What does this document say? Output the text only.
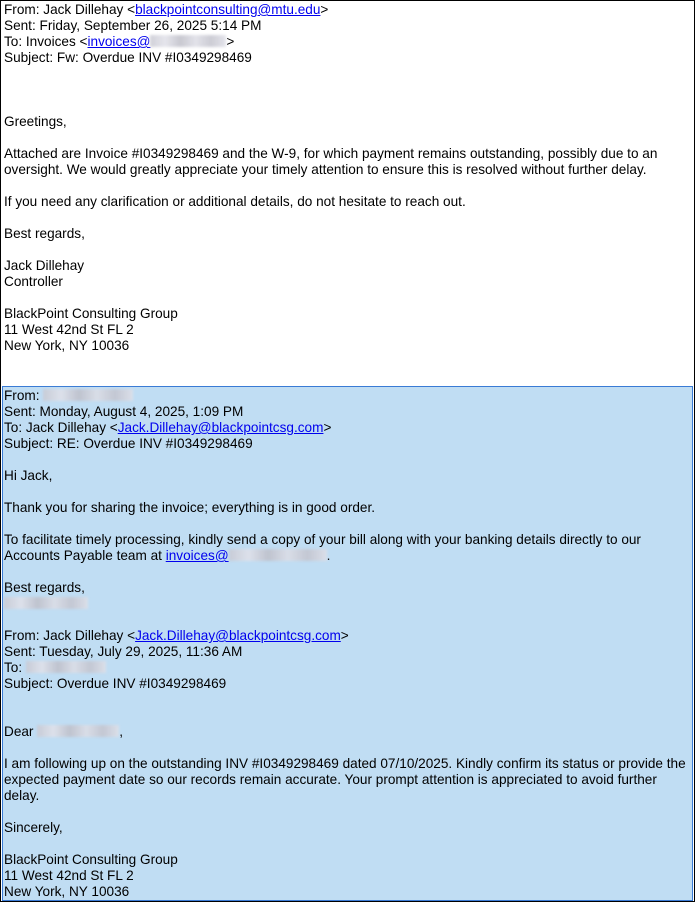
From: Jack Dillehay <blackpointconsulting@mtu.edu>
Sent: Friday, September 26, 2025 5:14 PM
To: Invoices <invoices@	>
Subject: Fw: Overdue INV #I0349298469
Greetings,
Attached are Invoice #I0349298469 and the W-9, for which payment remains outstanding, possibly due to an oversight. We would greatly appreciate your timely attention to ensure this is resolved without further delay.
If you need any clarification or additional details, do not hesitate to reach out.
Best regards,
Jack Dillehay
Controller
BlackPoint Consulting Group
11 West 42nd St FL 2
New York, NY 10036
From:
Sent: Monday, August 4, 2025, 1:09 PM
To: Jack Dillehay <Jack.Dillehay@blackpointcsg.com>
Subject: RE: Overdue INV #I0349298469
Hi Jack,
Thank you for sharing the invoice; everything is in good order.
To facilitate timely processing, kindly send a copy of your bill along with your banking details directly to our Accounts Payable team at invoices@	.
Best regards,
From: Jack Dillehay <Jack.Dillehay@blackpointcsg.com>
Sent: Tuesday, July 29, 2025, 11:36 AM
To:
Subject: Overdue INV #I0349298469
Dear	,
I am following up on the outstanding INV #I0349298469 dated 07/10/2025. Kindly confirm its status or provide the expected payment date so our records remain accurate. Your prompt attention is appreciated to avoid further delay.
Sincerely,
BlackPoint Consulting Group
11 West 42nd St FL 2
New York, NY 10036
